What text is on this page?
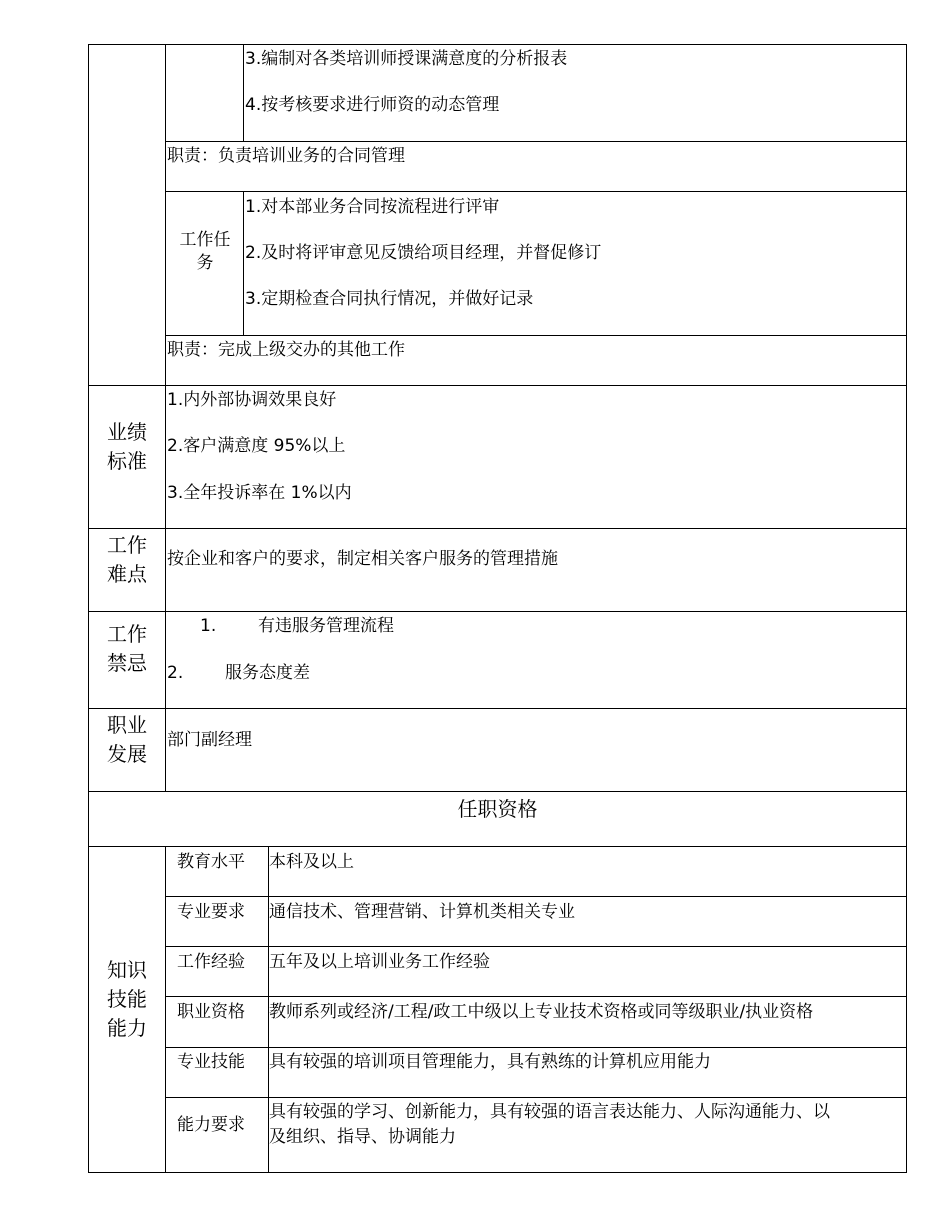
3.编制对各类培训师授课满意度的分析报表
4.按考核要求进行师资的动态管理
职责：负责培训业务的合同管理
工作任
务
1.对本部业务合同按流程进行评审
2.及时将评审意见反馈给项目经理，并督促修订
3.定期检查合同执行情况，并做好记录
职责：完成上级交办的其他工作
业绩
标准
1.内外部协调效果良好
2.客户满意度 95%以上
3.全年投诉率在 1%以内
工作
难点
按企业和客户的要求，制定相关客户服务的管理措施
工作
禁忌
1. 有违服务管理流程
2. 服务态度差
职业
发展
部门副经理
任职资格
知识
技能
能力
教育水平 本科及以上
专业要求 通信技术、管理营销、计算机类相关专业
工作经验 五年及以上培训业务工作经验
职业资格 教师系列或经济/工程/政工中级以上专业技术资格或同等级职业/执业资格
专业技能 具有较强的培训项目管理能力，具有熟练的计算机应用能力
能力要求
具有较强的学习、创新能力，具有较强的语言表达能力、人际沟通能力、以
及组织、指导、协调能力
